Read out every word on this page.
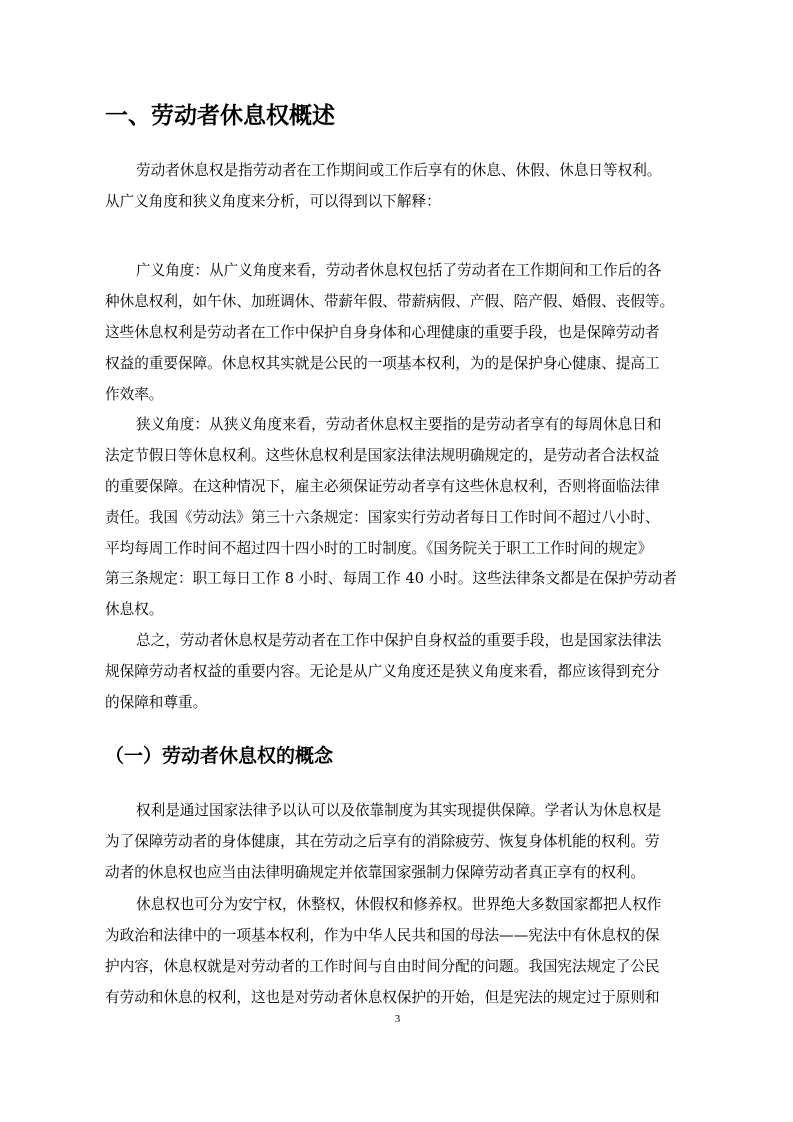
一、劳动者休息权概述

劳动者休息权是指劳动者在工作期间或工作后享有的休息、休假、休息日等权利。
从广义角度和狭义角度来分析，可以得到以下解释：

广义角度：从广义角度来看，劳动者休息权包括了劳动者在工作期间和工作后的各
种休息权利，如午休、加班调休、带薪年假、带薪病假、产假、陪产假、婚假、丧假等。
这些休息权利是劳动者在工作中保护自身身体和心理健康的重要手段，也是保障劳动者
权益的重要保障。休息权其实就是公民的一项基本权利，为的是保护身心健康、提高工
作效率。

狭义角度：从狭义角度来看，劳动者休息权主要指的是劳动者享有的每周休息日和
法定节假日等休息权利。这些休息权利是国家法律法规明确规定的，是劳动者合法权益
的重要保障。在这种情况下，雇主必须保证劳动者享有这些休息权利，否则将面临法律
责任。我国《劳动法》第三十六条规定：国家实行劳动者每日工作时间不超过八小时、
平均每周工作时间不超过四十四小时的工时制度。《国务院关于职工工作时间的规定》
第三条规定：职工每日工作 8 小时、每周工作 40 小时。这些法律条文都是在保护劳动者
休息权。

总之，劳动者休息权是劳动者在工作中保护自身权益的重要手段，也是国家法律法
规保障劳动者权益的重要内容。无论是从广义角度还是狭义角度来看，都应该得到充分
的保障和尊重。

（一）劳动者休息权的概念

权利是通过国家法律予以认可以及依靠制度为其实现提供保障。学者认为休息权是
为了保障劳动者的身体健康，其在劳动之后享有的消除疲劳、恢复身体机能的权利。劳
动者的休息权也应当由法律明确规定并依靠国家强制力保障劳动者真正享有的权利。

休息权也可分为安宁权，休整权，休假权和修养权。世界绝大多数国家都把人权作
为政治和法律中的一项基本权利，作为中华人民共和国的母法——宪法中有休息权的保
护内容，休息权就是对劳动者的工作时间与自由时间分配的问题。我国宪法规定了公民
有劳动和休息的权利，这也是对劳动者休息权保护的开始，但是宪法的规定过于原则和

3
